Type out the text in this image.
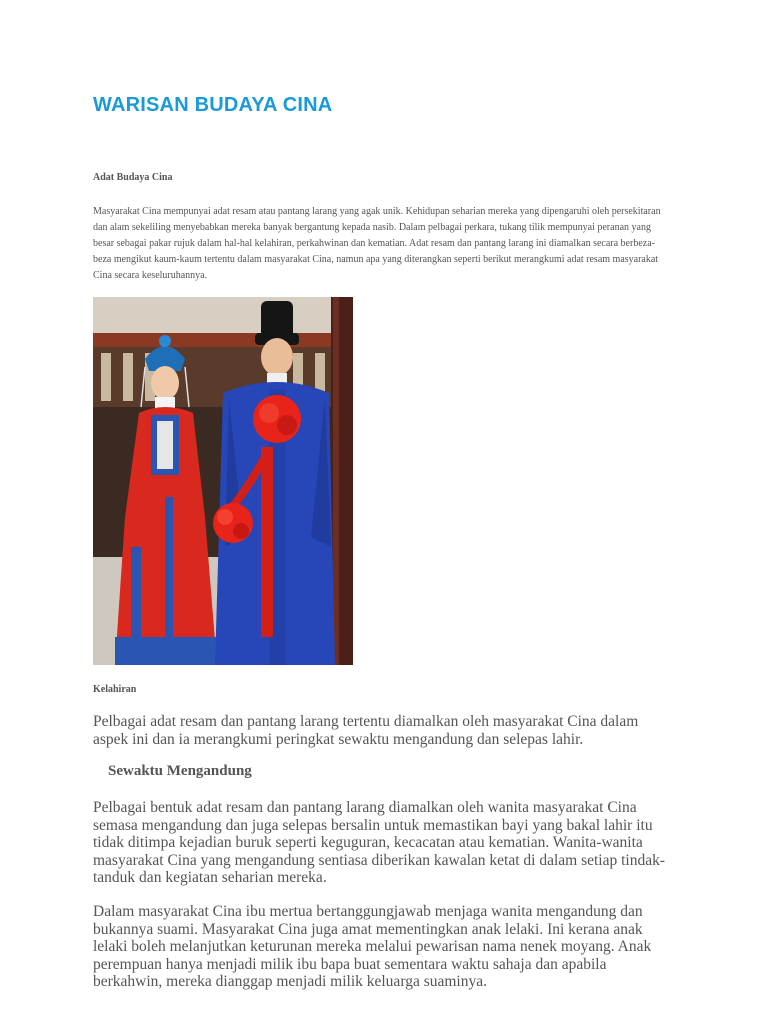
WARISAN BUDAYA CINA
Adat Budaya Cina

Masyarakat Cina mempunyai adat resam atau pantang larang yang agak unik. Kehidupan seharian mereka yang dipengaruhi oleh persekitaran dan alam sekeliling menyebabkan mereka banyak bergantung kepada nasib. Dalam pelbagai perkara, tukang tilik mempunyai peranan yang besar sebagai pakar rujuk dalam hal-hal kelahiran, perkahwinan dan kematian. Adat resam dan pantang larang ini diamalkan secara berbeza-beza mengikut kaum-kaum tertentu dalam masyarakat Cina, namun apa yang diterangkan seperti berikut merangkumi adat resam masyarakat Cina secara keseluruhannya.

Kelahiran

Pelbagai adat resam dan pantang larang tertentu diamalkan oleh masyarakat Cina dalam aspek ini dan ia merangkumi peringkat sewaktu mengandung dan selepas lahir.

Sewaktu Mengandung

Pelbagai bentuk adat resam dan pantang larang diamalkan oleh wanita masyarakat Cina semasa mengandung dan juga selepas bersalin untuk memastikan bayi yang bakal lahir itu tidak ditimpa kejadian buruk seperti keguguran, kecacatan atau kematian. Wanita-wanita masyarakat Cina yang mengandung sentiasa diberikan kawalan ketat di dalam setiap tindak-tanduk dan kegiatan seharian mereka.

Dalam masyarakat Cina ibu mertua bertanggungjawab menjaga wanita mengandung dan bukannya suami. Masyarakat Cina juga amat mementingkan anak lelaki. Ini kerana anak lelaki boleh melanjutkan keturunan mereka melalui pewarisan nama nenek moyang. Anak perempuan hanya menjadi milik ibu bapa buat sementara waktu sahaja dan apabila berkahwin, mereka dianggap menjadi milik keluarga suaminya.
